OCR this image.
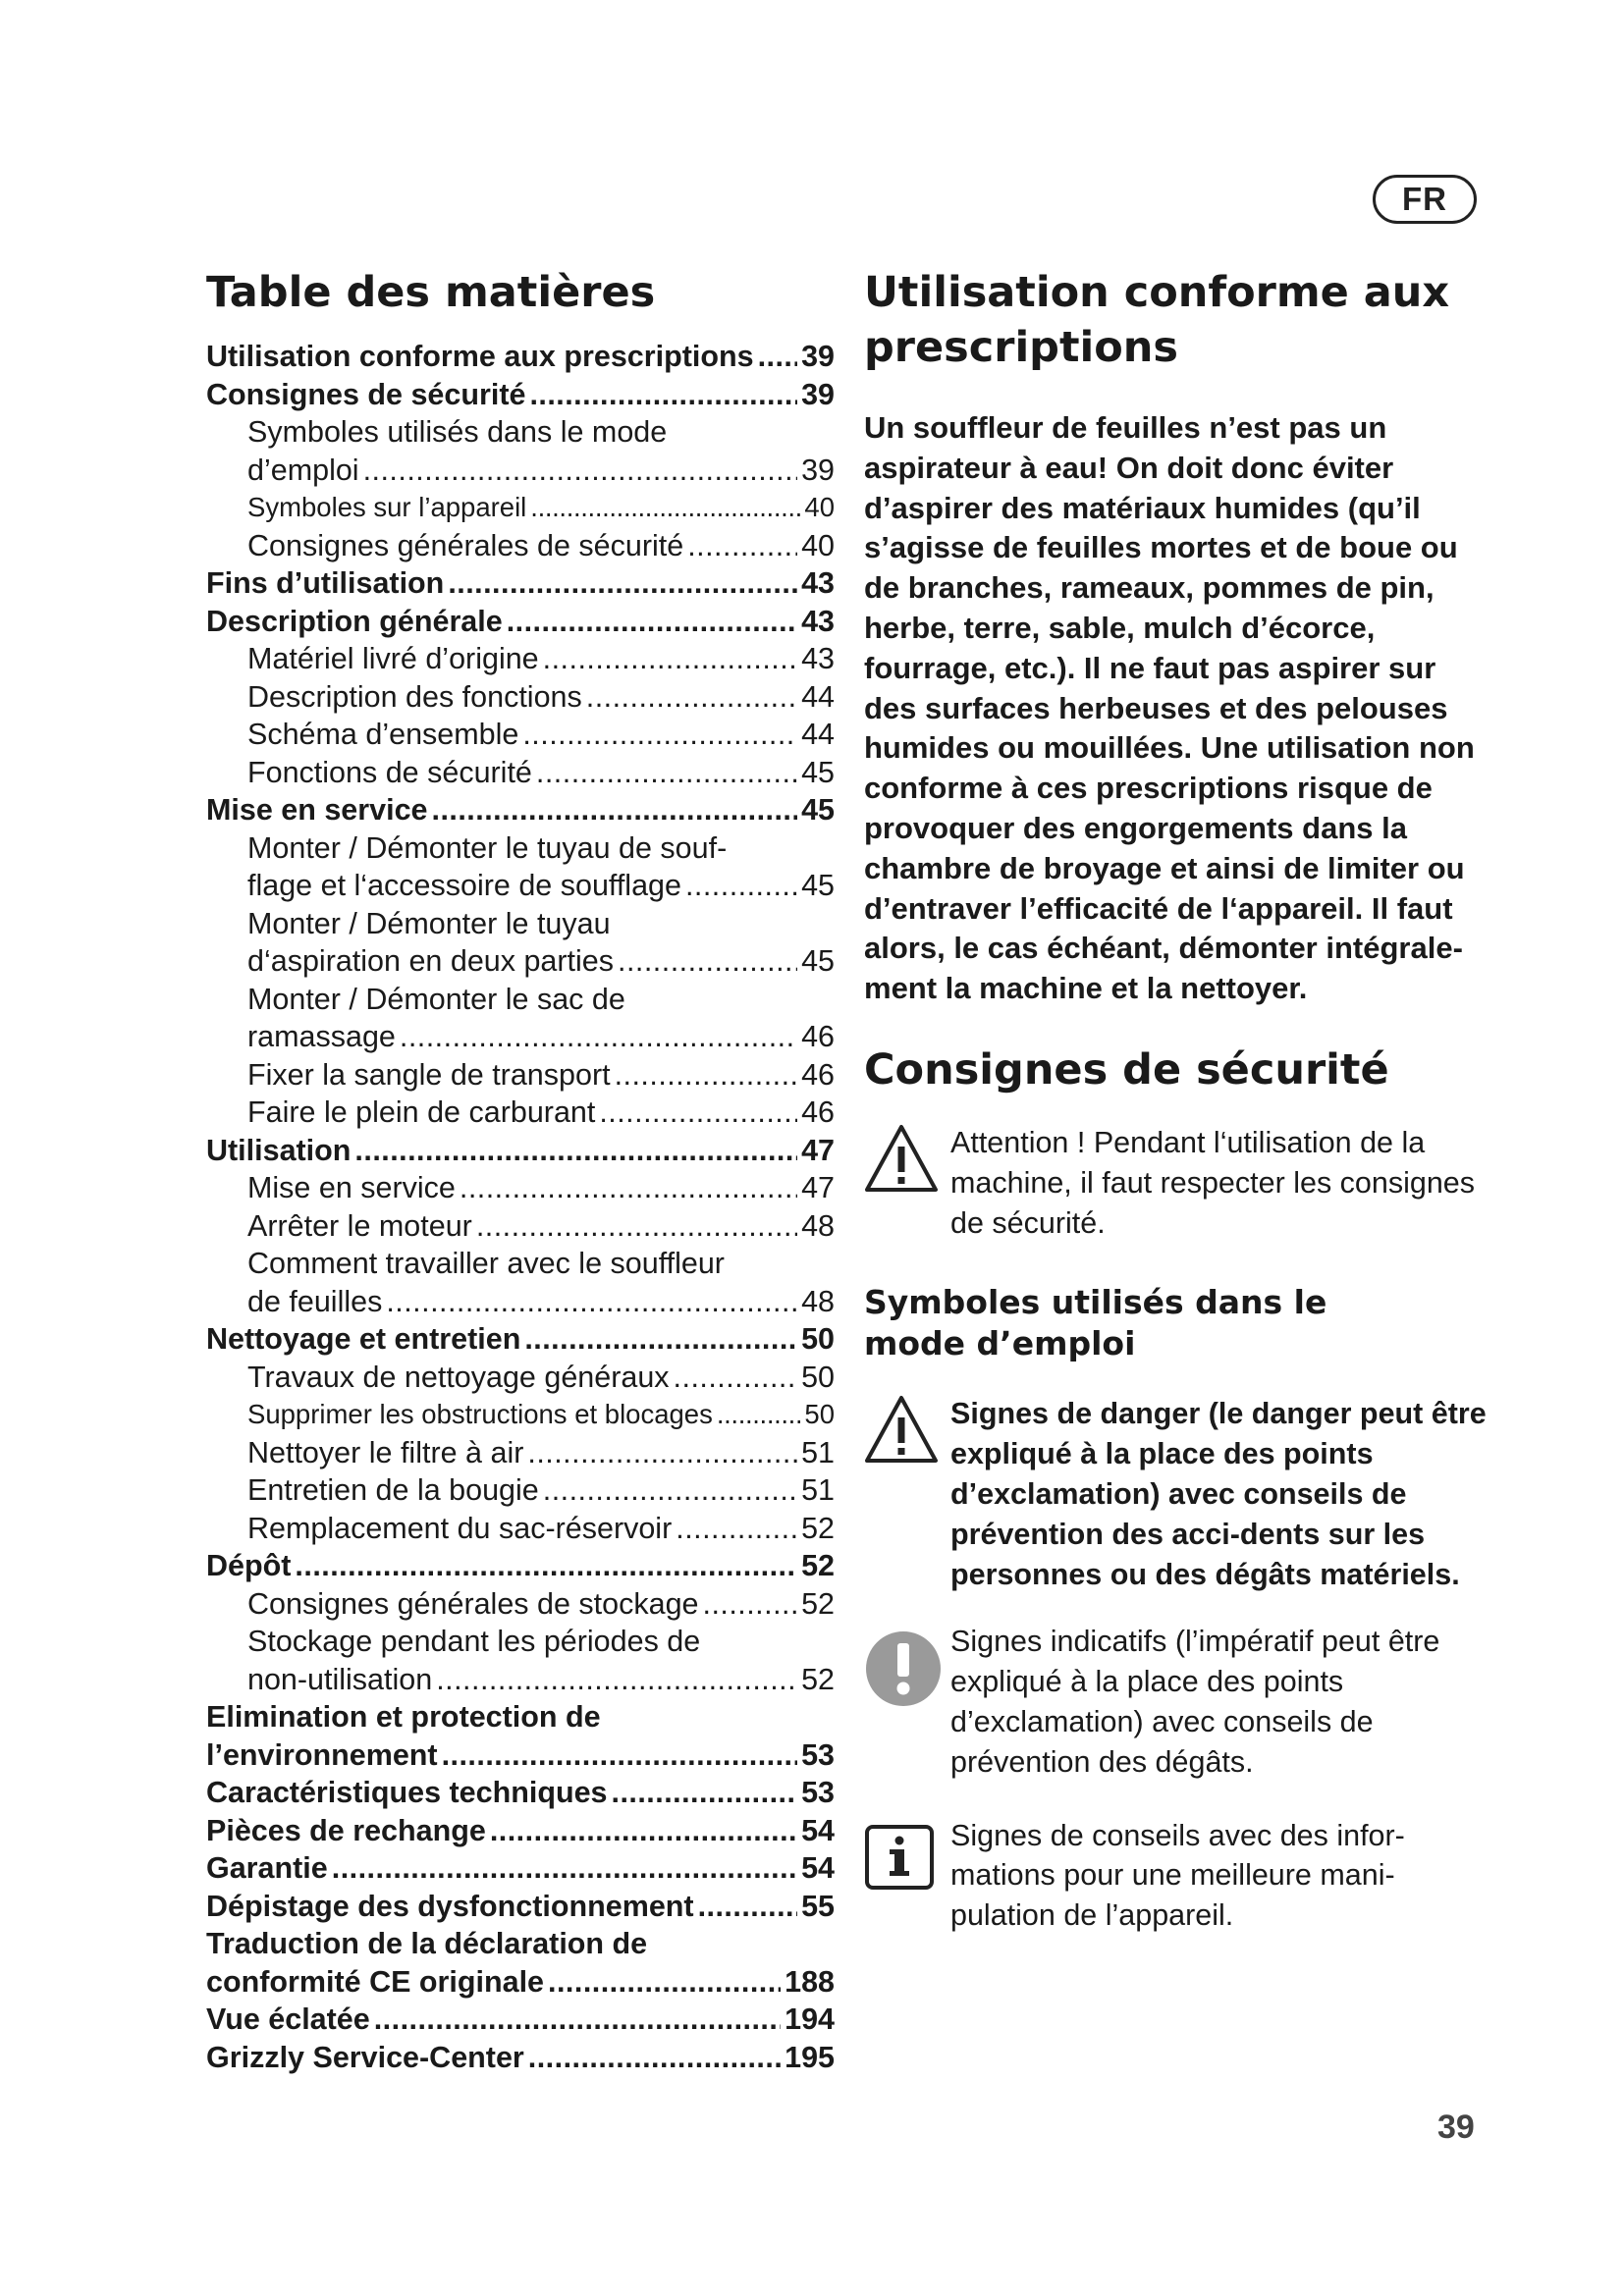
FR
Table des matières
Utilisation conforme aux prescriptions . . . 39
Consignes de sécurité . . .	39
Symboles utilisés dans le mode
d’emploi . . .	39
Symboles sur l’appareil . . .	40
Consignes générales de sécurité . . .	40
Fins d’utilisation . . .	43
Description générale . . .	43
Matériel livré d’origine . . .	43
Description des fonctions . . .	44
Schéma d’ensemble . . .	44
Fonctions de sécurité . . .	45
Mise en service . . .	45
Monter / Démonter le tuyau de souf-
flage et l‘accessoire de soufflage . . .	45
Monter / Démonter le tuyau
d‘aspiration en deux parties . . .	45
Monter / Démonter le sac de
ramassage . . .	46
Fixer la sangle de transport . . .	46
Faire le plein de carburant . . .	46
Utilisation . . .	47
Mise en service . . .	47
Arrêter le moteur . . .	48
Comment travailler avec le souffleur
de feuilles . . .	48
Nettoyage et entretien . . .	50
Travaux de nettoyage généraux . . .	50
Supprimer les obstructions et blocages . . .	50
Nettoyer le filtre à air . . .	51
Entretien de la bougie . . .	51
Remplacement du sac-réservoir . . .	52
Dépôt . . .	52
Consignes générales de stockage . . .	52
Stockage pendant les périodes de
non-utilisation . . .	52
Elimination et protection de
l’environnement . . .	53
Caractéristiques techniques . . .	53
Pièces de rechange . . .	54
Garantie . . .	54
Dépistage des dysfonctionnement . . .	55
Traduction de la déclaration de
conformité CE originale . . .	188
Vue éclatée . . .	194
Grizzly Service-Center . . .	195
Utilisation conforme aux
prescriptions

Un souffleur de feuilles n’est pas un aspirateur à eau! On doit donc éviter d’aspirer des matériaux humides (qu’il s’agisse de feuilles mortes et de boue ou de branches, rameaux, pommes de pin, herbe, terre, sable, mulch d’écorce, fourrage, etc.). Il ne faut pas aspirer sur des surfaces herbeuses et des pelouses humides ou mouillées. Une utilisation non conforme à ces prescriptions risque de provoquer des engorgements dans la chambre de broyage et ainsi de limiter ou d’entraver l’efficacité de l‘appareil. Il faut alors, le cas échéant, démonter intégrale-ment la machine et la nettoyer.

Consignes de sécurité
Attention ! Pendant l‘utilisation de la machine, il faut respecter les consignes de sécurité.
Symboles utilisés dans le
mode d’emploi
Signes de danger (le danger peut être expliqué à la place des points d’exclamation) avec conseils de prévention des acci-dents sur les personnes ou des dégâts matériels.
Signes indicatifs (l’impératif peut être expliqué à la place des points d’exclamation) avec conseils de prévention des dégâts.
Signes de conseils avec des infor-mations pour une meilleure mani-pulation de l’appareil.
39
